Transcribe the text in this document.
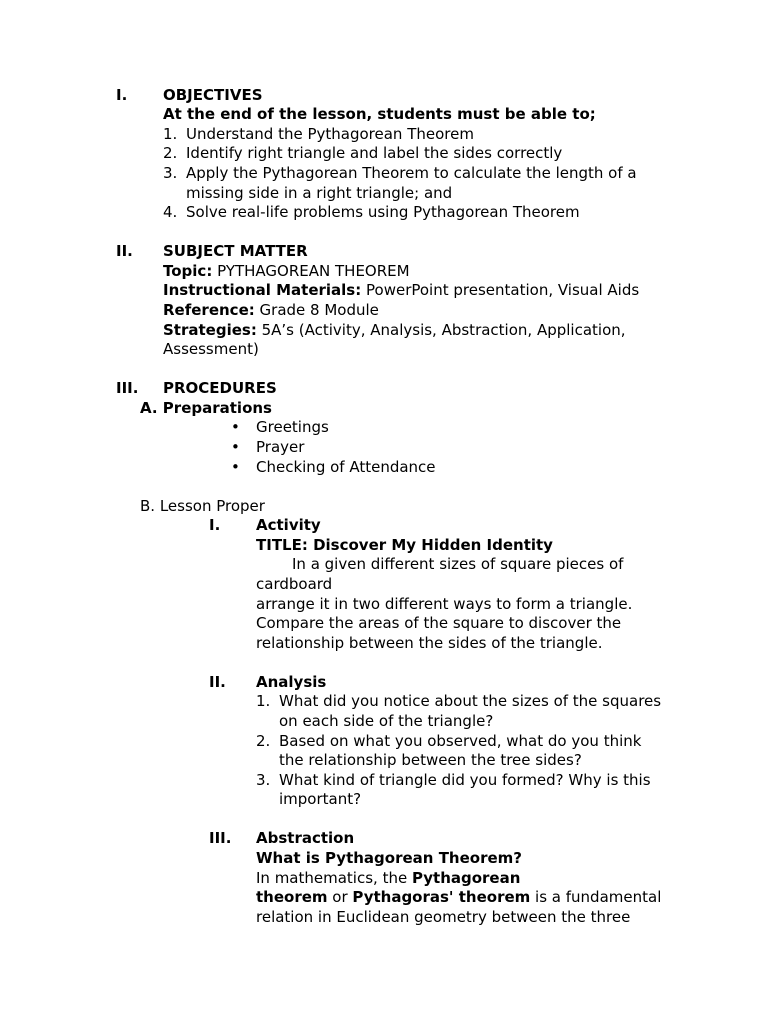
I. OBJECTIVES
At the end of the lesson, students must be able to;
1. Understand the Pythagorean Theorem
2. Identify right triangle and label the sides correctly
3. Apply the Pythagorean Theorem to calculate the length of a
missing side in a right triangle; and
4. Solve real-life problems using Pythagorean Theorem
II. SUBJECT MATTER
Topic: PYTHAGOREAN THEOREM
Instructional Materials: PowerPoint presentation, Visual Aids
Reference: Grade 8 Module
Strategies: 5A’s (Activity, Analysis, Abstraction, Application,
Assessment)
III. PROCEDURES
A. Preparations
• Greetings
• Prayer
• Checking of Attendance
B. Lesson Proper
I. Activity
TITLE: Discover My Hidden Identity
In a given different sizes of square pieces of
cardboard
arrange it in two different ways to form a triangle.
Compare the areas of the square to discover the
relationship between the sides of the triangle.
II. Analysis
1. What did you notice about the sizes of the squares
on each side of the triangle?
2. Based on what you observed, what do you think
the relationship between the tree sides?
3. What kind of triangle did you formed? Why is this
important?
III. Abstraction
What is Pythagorean Theorem?
In mathematics, the Pythagorean
theorem or Pythagoras' theorem is a fundamental
relation in Euclidean geometry between the three
